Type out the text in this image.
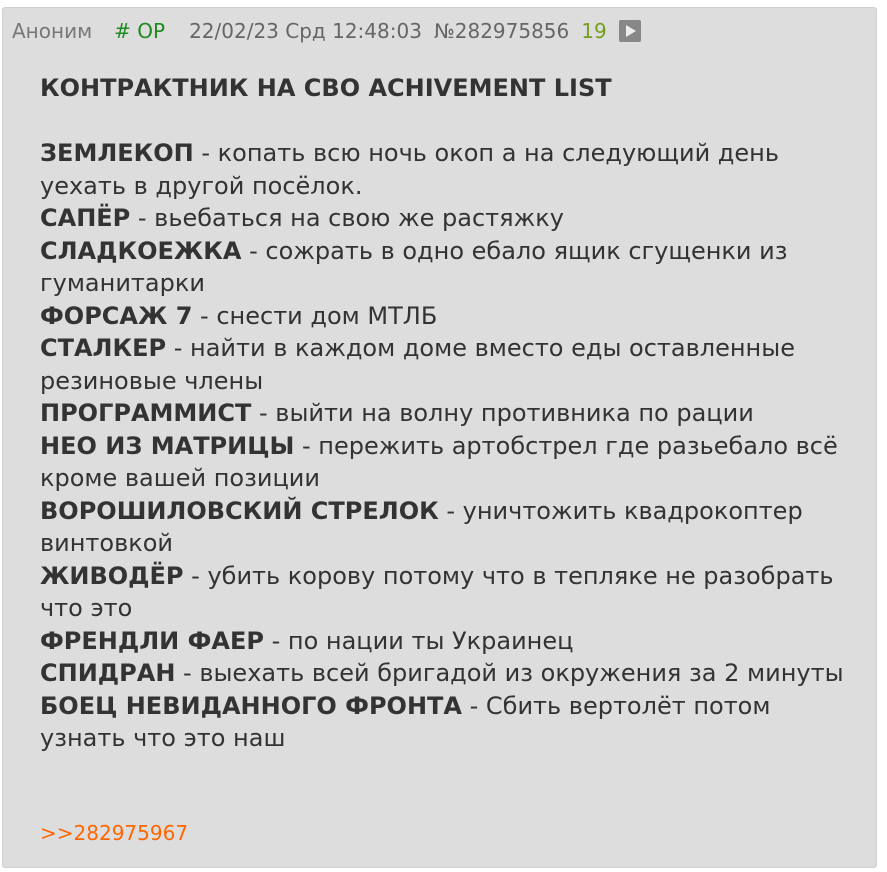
Аноним # OP 22/02/23 Срд 12:48:03 №282975856 19

КОНТРАКТНИК НА СВО ACHIVEMENT LIST

ЗЕМЛЕКОП - копать всю ночь окоп а на следующий день уехать в другой посёлок.

САПЁР - вьебаться на свою же растяжку

СЛАДКОЕЖКА - сожрать в одно ебало ящик сгущенки из гуманитарки

ФОРСАЖ 7 - снести дом МТЛБ

СТАЛКЕР - найти в каждом доме вместо еды оставленные резиновые члены

ПРОГРАММИСТ - выйти на волну противника по рации

НЕО ИЗ МАТРИЦЫ - пережить артобстрел где разьебало всё кроме вашей позиции

ВОРОШИЛОВСКИЙ СТРЕЛОК - уничтожить квадрокоптер винтовкой

ЖИВОДЁР - убить корову потому что в тепляке не разобрать что это

ФРЕНДЛИ ФАЕР - по нации ты Украинец

СПИДРАН - выехать всей бригадой из окружения за 2 минуты

БОЕЦ НЕВИДАННОГО ФРОНТА - Сбить вертолёт потом узнать что это наш

>>282975967
